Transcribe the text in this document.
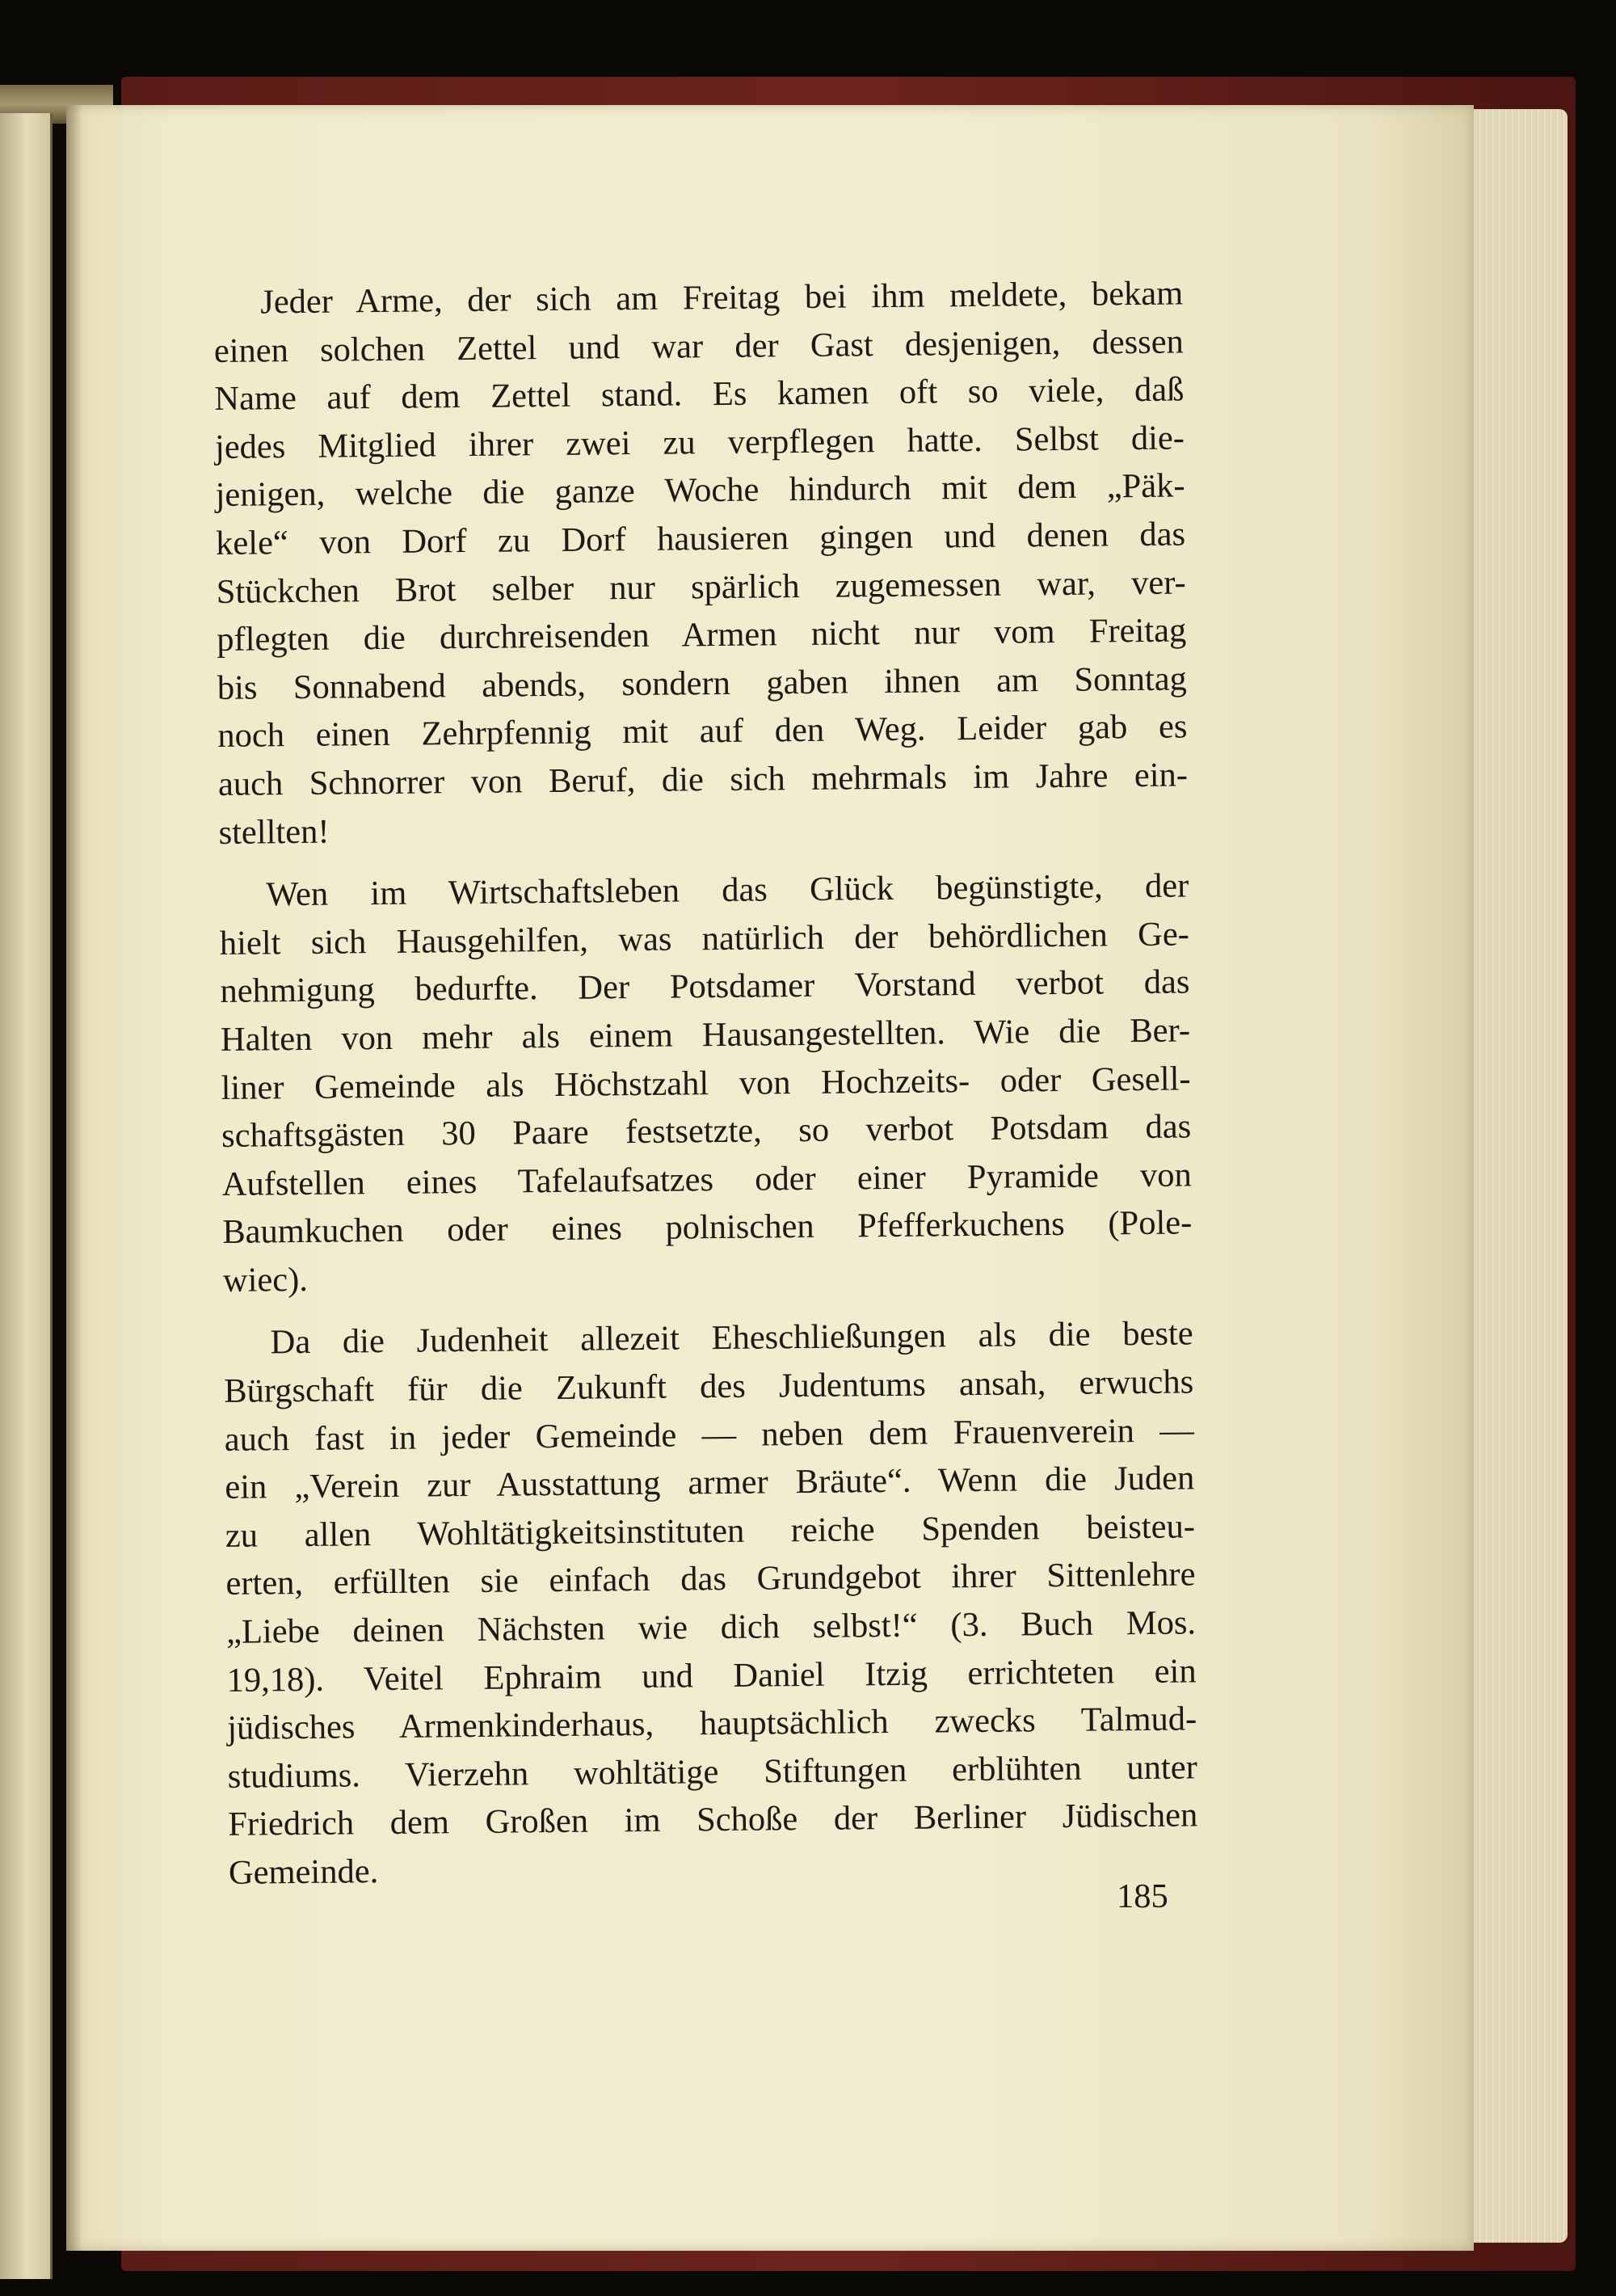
Jeder Arme, der sich am Freitag bei ihm meldete, bekam
einen solchen Zettel und war der Gast desjenigen, dessen
Name auf dem Zettel stand. Es kamen oft so viele, daß
jedes Mitglied ihrer zwei zu verpflegen hatte. Selbst die-
jenigen, welche die ganze Woche hindurch mit dem „Päk-
kele“ von Dorf zu Dorf hausieren gingen und denen das
Stückchen Brot selber nur spärlich zugemessen war, ver-
pflegten die durchreisenden Armen nicht nur vom Freitag
bis Sonnabend abends, sondern gaben ihnen am Sonntag
noch einen Zehrpfennig mit auf den Weg. Leider gab es
auch Schnorrer von Beruf, die sich mehrmals im Jahre ein-
stellten!
Wen im Wirtschaftsleben das Glück begünstigte, der
hielt sich Hausgehilfen, was natürlich der behördlichen Ge-
nehmigung bedurfte. Der Potsdamer Vorstand verbot das
Halten von mehr als einem Hausangestellten. Wie die Ber-
liner Gemeinde als Höchstzahl von Hochzeits- oder Gesell-
schaftsgästen 30 Paare festsetzte, so verbot Potsdam das
Aufstellen eines Tafelaufsatzes oder einer Pyramide von
Baumkuchen oder eines polnischen Pfefferkuchens (Pole-
wiec).
Da die Judenheit allezeit Eheschließungen als die beste
Bürgschaft für die Zukunft des Judentums ansah, erwuchs
auch fast in jeder Gemeinde — neben dem Frauenverein —
ein „Verein zur Ausstattung armer Bräute“. Wenn die Juden
zu allen Wohltätigkeitsinstituten reiche Spenden beisteu-
erten, erfüllten sie einfach das Grundgebot ihrer Sittenlehre
„Liebe deinen Nächsten wie dich selbst!“ (3. Buch Mos.
19,18). Veitel Ephraim und Daniel Itzig errichteten ein
jüdisches Armenkinderhaus, hauptsächlich zwecks Talmud-
studiums. Vierzehn wohltätige Stiftungen erblühten unter
Friedrich dem Großen im Schoße der Berliner Jüdischen
Gemeinde.
185
